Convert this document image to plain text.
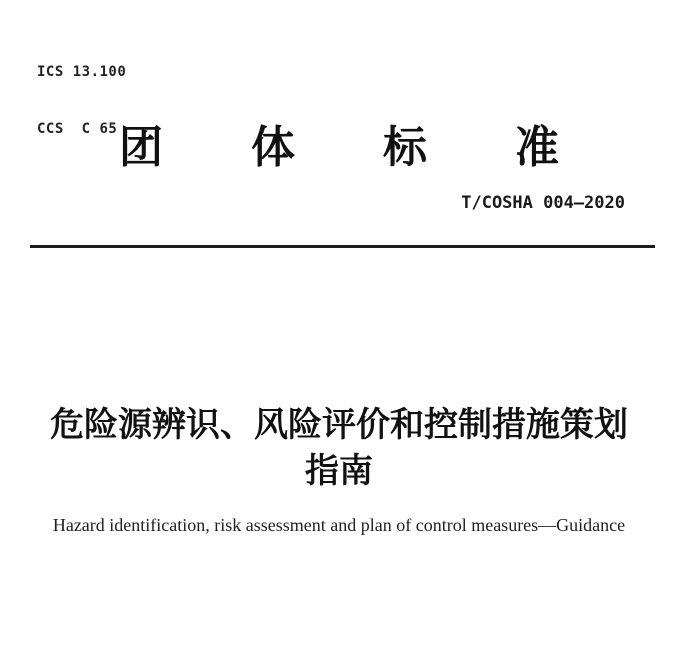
ICS 13.100

CCS  C 65

团体标准
T/COSHA 004—2020
危险源辨识、风险评价和控制措施策划
指南
Hazard identification, risk assessment and plan of control measures—Guidance
